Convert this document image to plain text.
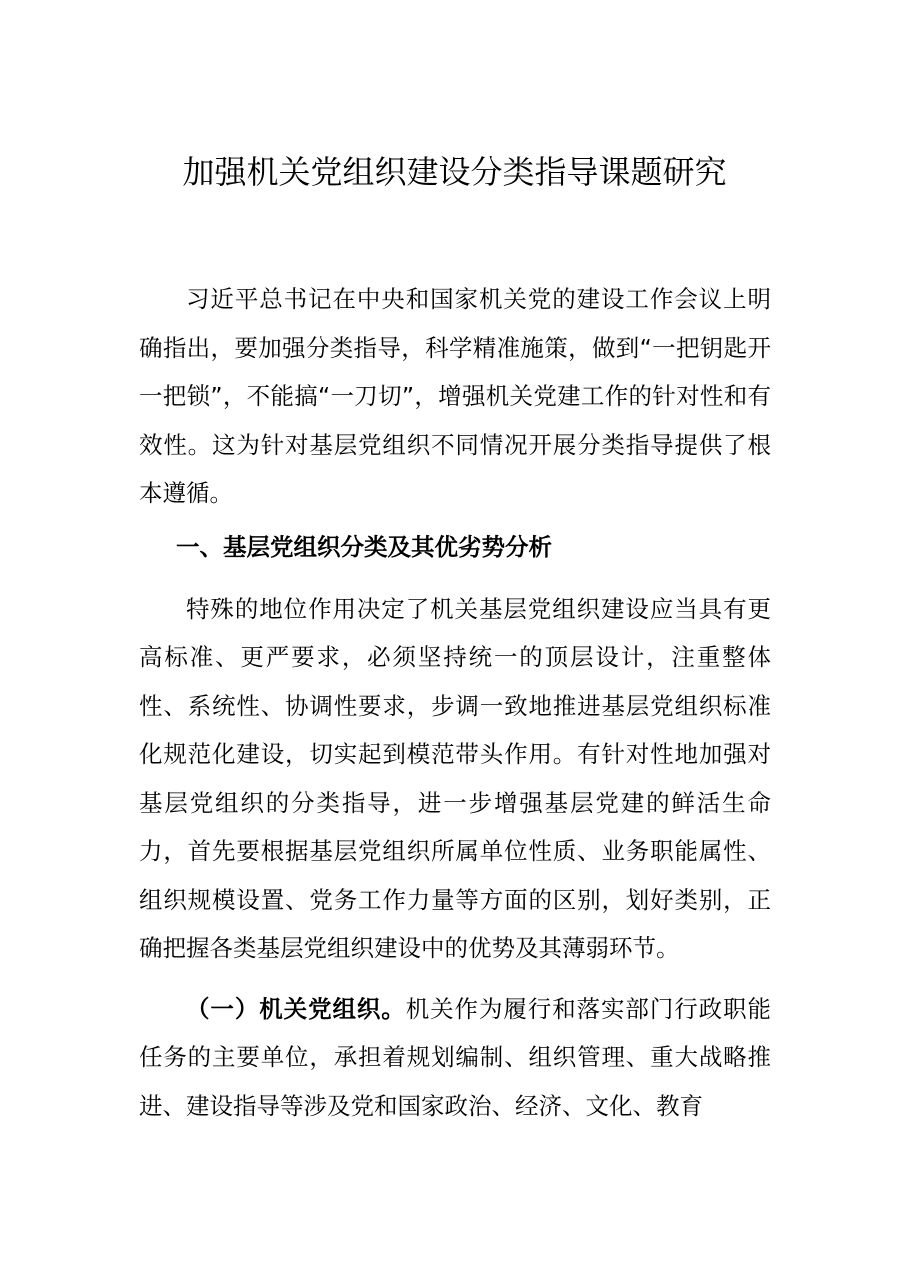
加强机关党组织建设分类指导课题研究

习近平总书记在中央和国家机关党的建设工作会议上明确指出，要加强分类指导，科学精准施策，做到“一把钥匙开一把锁”，不能搞“一刀切”，增强机关党建工作的针对性和有效性。这为针对基层党组织不同情况开展分类指导提供了根本遵循。

一、基层党组织分类及其优劣势分析

特殊的地位作用决定了机关基层党组织建设应当具有更高标准、更严要求，必须坚持统一的顶层设计，注重整体性、系统性、协调性要求，步调一致地推进基层党组织标准化规范化建设，切实起到模范带头作用。有针对性地加强对基层党组织的分类指导，进一步增强基层党建的鲜活生命力，首先要根据基层党组织所属单位性质、业务职能属性、组织规模设置、党务工作力量等方面的区别，划好类别，正确把握各类基层党组织建设中的优势及其薄弱环节。

（一）机关党组织。机关作为履行和落实部门行政职能任务的主要单位，承担着规划编制、组织管理、重大战略推进、建设指导等涉及党和国家政治、经济、文化、教育
